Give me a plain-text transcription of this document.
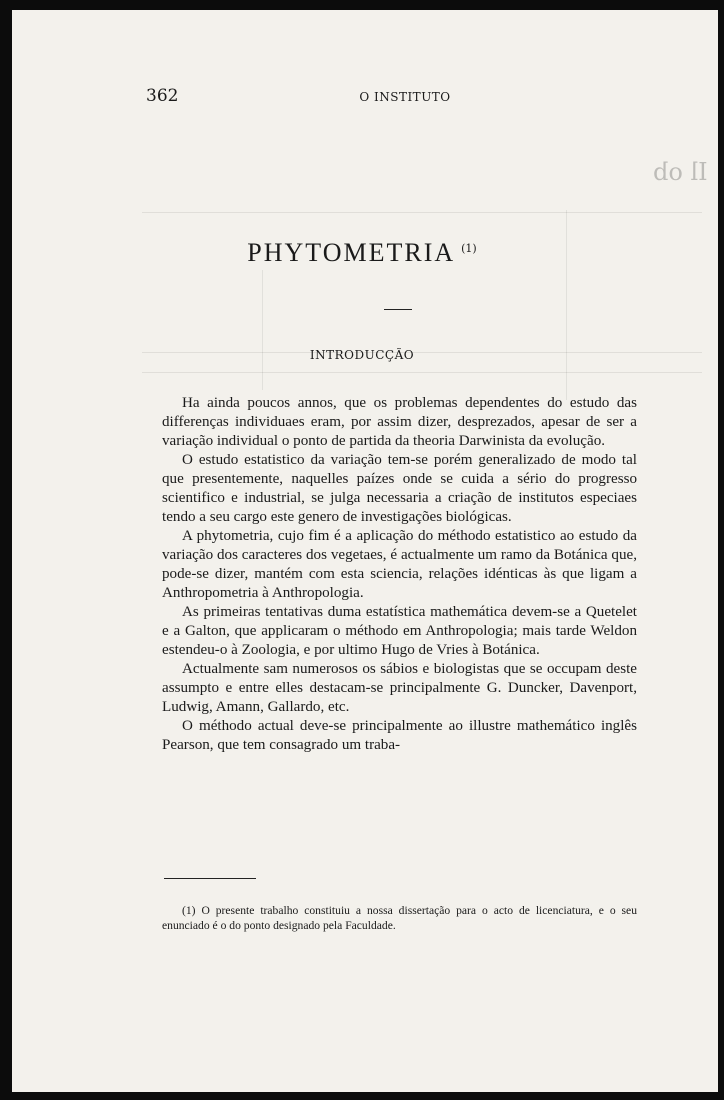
Il ob
362	O INSTITUTO
PHYTOMETRIA $^{(1)}$
INTRODUCÇÃO

Ha ainda poucos annos, que os problemas dependentes do estudo das differenças individuaes eram, por assim dizer, desprezados, apesar de ser a variação individual o ponto de partida da theoria Darwinista da evolução.

O estudo estatistico da variação tem-se porém generalizado de modo tal que presentemente, naquelles paízes onde se cuida a sério do progresso scientifico e industrial, se julga necessaria a criação de institutos especiaes tendo a seu cargo este genero de investigações biológicas.

A phytometria, cujo fim é a aplicação do méthodo estatistico ao estudo da variação dos caracteres dos vegetaes, é actualmente um ramo da Botánica que, pode-se dizer, mantém com esta sciencia, relações idénticas às que ligam a Anthropometria à Anthropologia.

As primeiras tentativas duma estatística mathemática devem-se a Quetelet e a Galton, que applicaram o méthodo em Anthropologia; mais tarde Weldon estendeu-o à Zoologia, e por ultimo Hugo de Vries à Botánica.

Actualmente sam numerosos os sábios e biologistas que se occupam deste assumpto e entre elles destacam-se principalmente G. Duncker, Davenport, Ludwig, Amann, Gallardo, etc.

O méthodo actual deve-se principalmente ao illustre mathemático inglês Pearson, que tem consagrado um traba-

(1) O presente trabalho constituiu a nossa dissertação para o acto de licenciatura, e o seu enunciado é o do ponto designado pela Faculdade.
